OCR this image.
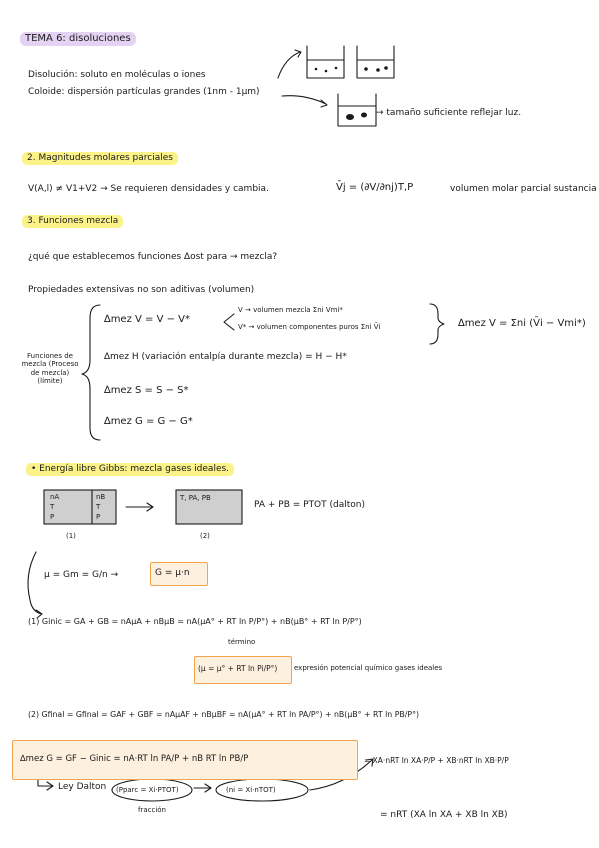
TEMA 6: disoluciones
Disolución: soluto en moléculas o iones
Coloide: dispersión partículas grandes (1nm - 1μm)
→ tamaño suficiente reflejar luz.
2. Magnitudes molares parciales
V(A,l) ≠ V1+V2 → Se requieren densidades y cambia.	V̄j = (∂V/∂nj)T,P	volumen molar parcial sustancia
3. Funciones mezcla
¿qué que establecemos funciones ∆ost para → mezcla?
Propiedades extensivas no son aditivas (volumen)
Funciones de mezcla (Proceso de mezcla) (límite)
∆mez V = V − V*
V → volumen mezcla Σni Vmi*
V* → volumen componentes puros Σni V̄i	∆mez V = Σni (V̄i − Vmi*)
∆mez H (variación entalpía durante mezcla) = H − H*
∆mez S = S − S*
∆mez G = G − G*
• Energía libre Gibbs: mezcla gases ideales.
nA
T
P
nB
T
P
T, PA, PB
(1)	(2)
PA + PB = PTOT (dalton)
μ = Gm = G/n →	G = μ·n
(1) Ginic = GA + GB = nAμA + nBμB = nA(μA° + RT ln P/P°) + nB(μB° + RT ln P/P°)
término
(μ = μ° + RT ln Pi/P°) expresión potencial químico gases ideales
(2) Gfinal = Gfinal = GAF + GBF = nAμAF + nBμBF = nA(μA° + RT ln PA/P°) + nB(μB° + RT ln PB/P°)
∆mez G = GF − Ginic = nA·RT ln PA/P + nB RT ln PB/P	= XA·nRT ln XA·P/P + XB·nRT ln XB·P/P
Ley Dalton (Pparc = Xi·PTOT)
fracción
(ni = Xi·nTOT)
= nRT (XA ln XA + XB ln XB)
